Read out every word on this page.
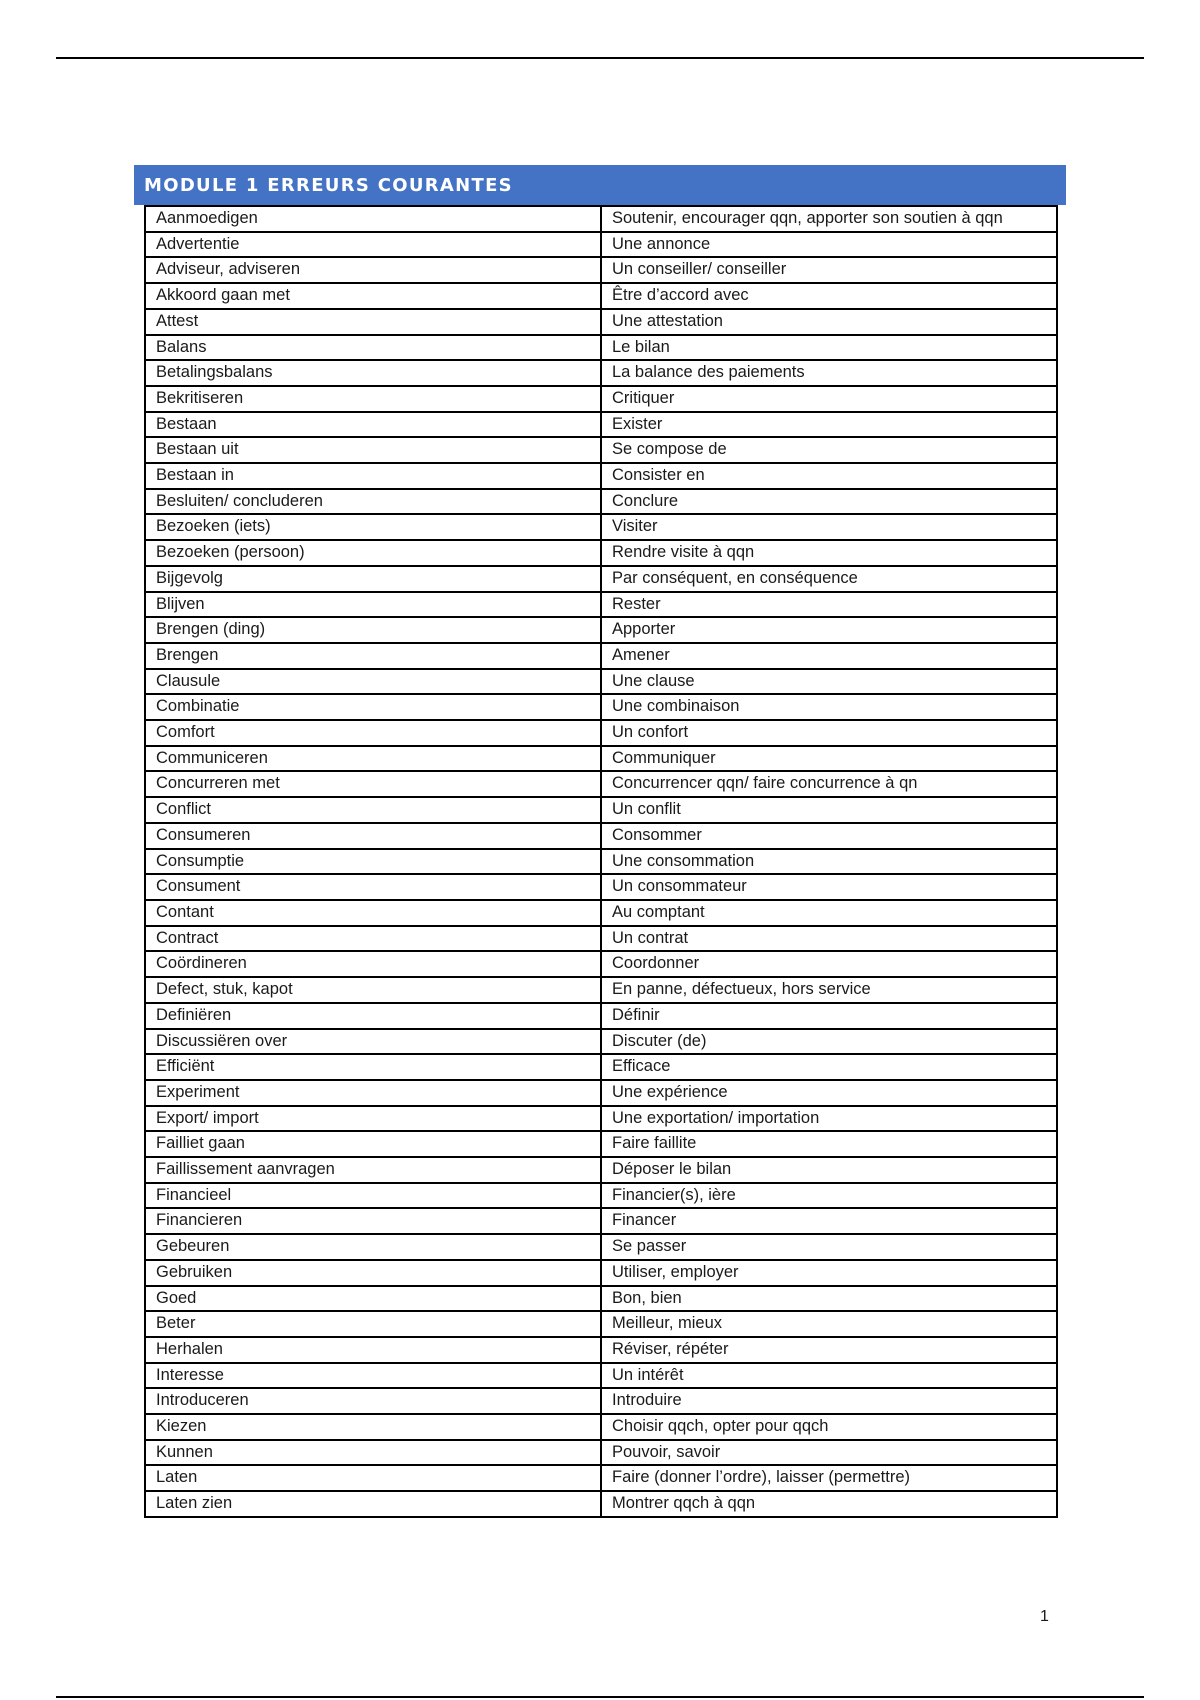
MODULE 1 ERREURS COURANTES
Aanmoedigen	Soutenir, encourager qqn, apporter son soutien à qqn
Advertentie	Une annonce
Adviseur, adviseren	Un conseiller/ conseiller
Akkoord gaan met	Être d’accord avec
Attest	Une attestation
Balans	Le bilan
Betalingsbalans	La balance des paiements
Bekritiseren	Critiquer
Bestaan	Exister
Bestaan uit	Se compose de
Bestaan in	Consister en
Besluiten/ concluderen	Conclure
Bezoeken (iets)	Visiter
Bezoeken (persoon)	Rendre visite à qqn
Bijgevolg	Par conséquent, en conséquence
Blijven	Rester
Brengen (ding)	Apporter
Brengen	Amener
Clausule	Une clause
Combinatie	Une combinaison
Comfort	Un confort
Communiceren	Communiquer
Concurreren met	Concurrencer qqn/ faire concurrence à qn
Conflict	Un conflit
Consumeren	Consommer
Consumptie	Une consommation
Consument	Un consommateur
Contant	Au comptant
Contract	Un contrat
Coördineren	Coordonner
Defect, stuk, kapot	En panne, défectueux, hors service
Definiëren	Définir
Discussiëren over	Discuter (de)
Efficiënt	Efficace
Experiment	Une expérience
Export/ import	Une exportation/ importation
Failliet gaan	Faire faillite
Faillissement aanvragen	Déposer le bilan
Financieel	Financier(s), ière
Financieren	Financer
Gebeuren	Se passer
Gebruiken	Utiliser, employer
Goed	Bon, bien
Beter	Meilleur, mieux
Herhalen	Réviser, répéter
Interesse	Un intérêt
Introduceren	Introduire
Kiezen	Choisir qqch, opter pour qqch
Kunnen	Pouvoir, savoir
Laten	Faire (donner l’ordre), laisser (permettre)
Laten zien	Montrer qqch à qqn
1
